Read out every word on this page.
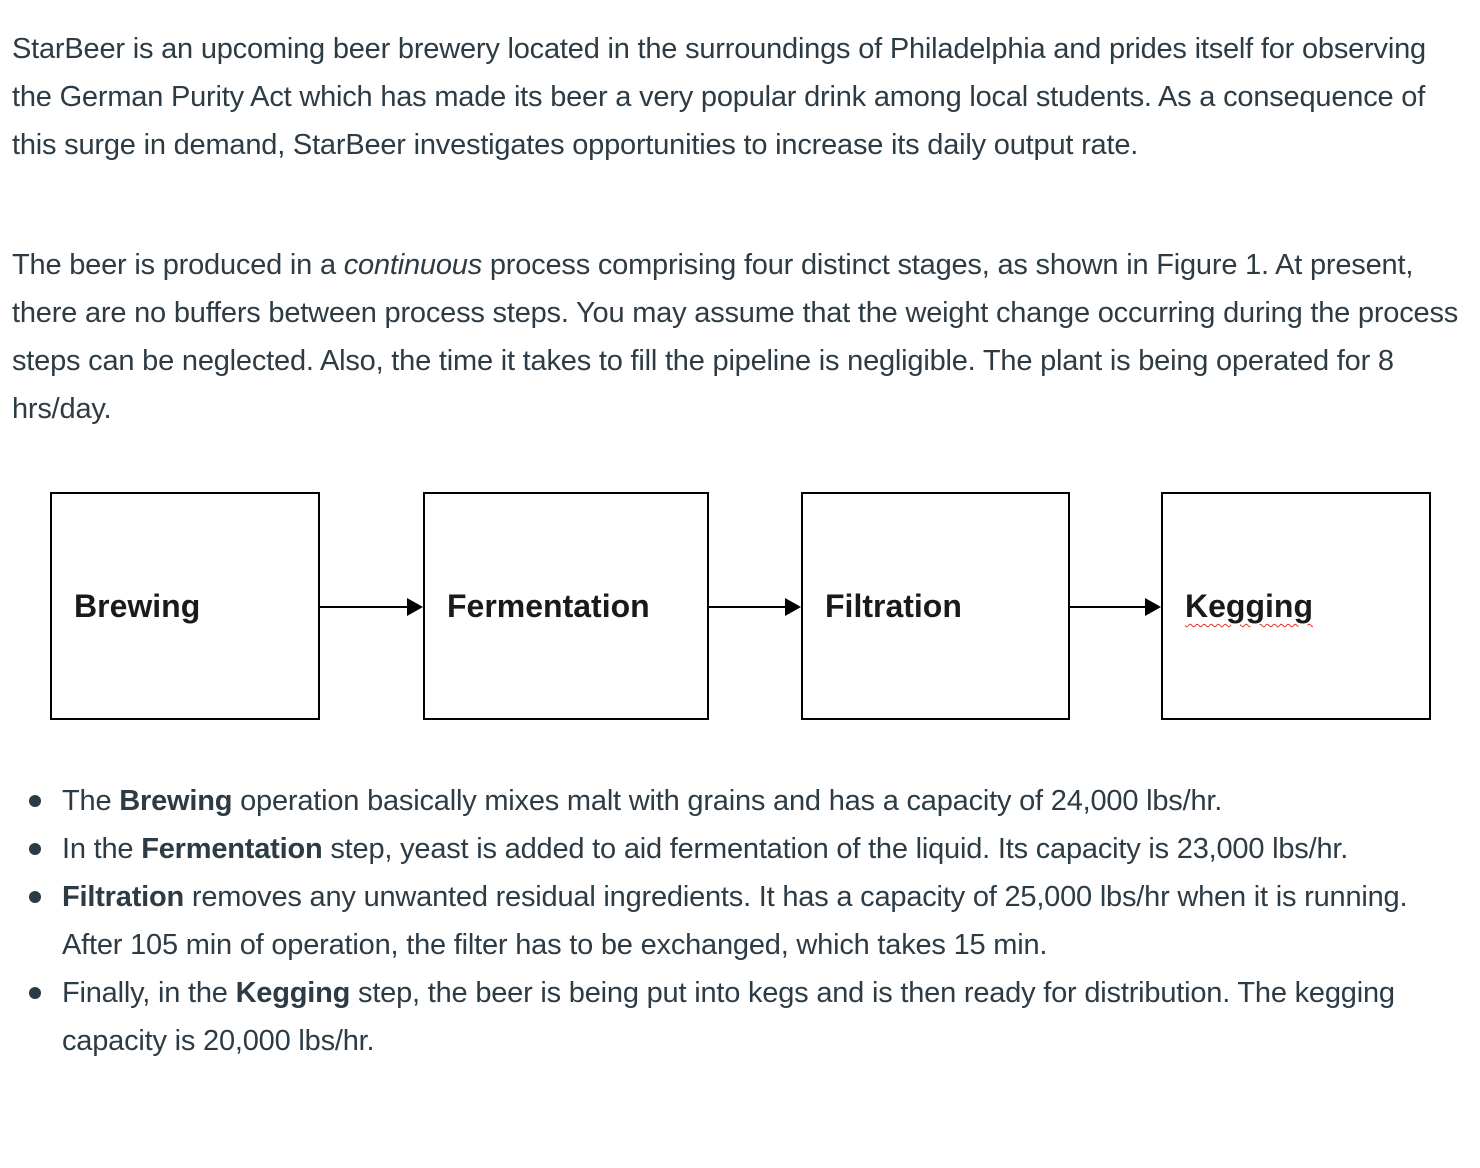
StarBeer is an upcoming beer brewery located in the surroundings of Philadelphia and prides itself for observing the German Purity Act which has made its beer a very popular drink among local students. As a consequence of this surge in demand, StarBeer investigates opportunities to increase its daily output rate.

The beer is produced in a continuous process comprising four distinct stages, as shown in Figure 1. At present, there are no buffers between process steps. You may assume that the weight change occurring during the process steps can be neglected. Also, the time it takes to fill the pipeline is negligible. The plant is being operated for 8 hrs/day.

Brewing	Fermentation	Filtration	Kegging
The Brewing operation basically mixes malt with grains and has a capacity of 24,000 lbs/hr.
In the Fermentation step, yeast is added to aid fermentation of the liquid. Its capacity is 23,000 lbs/hr.
Filtration removes any unwanted residual ingredients. It has a capacity of 25,000 lbs/hr when it is running. After 105 min of operation, the filter has to be exchanged, which takes 15 min.
Finally, in the Kegging step, the beer is being put into kegs and is then ready for distribution. The kegging capacity is 20,000 lbs/hr.
